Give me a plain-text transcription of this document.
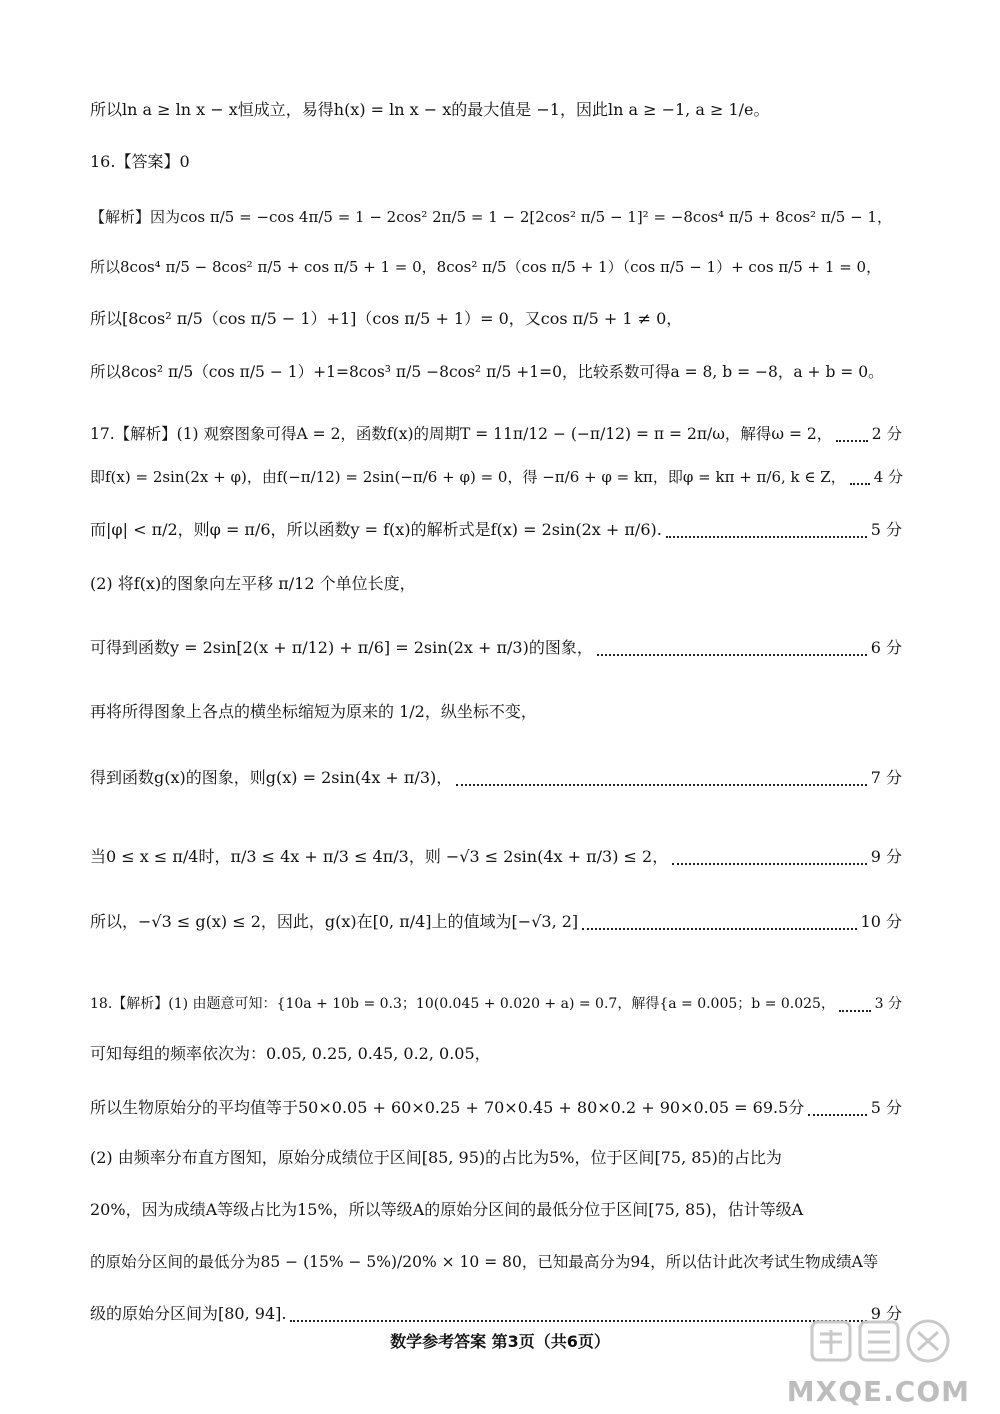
所以ln a ≥ ln x − x恒成立，易得h(x) = ln x − x的最大值是 −1，因此ln a ≥ −1, a ≥ 1/e。
16.【答案】0
【解析】因为cos π/5 = −cos 4π/5 = 1 − 2cos² 2π/5 = 1 − 2[2cos² π/5 − 1]² = −8cos⁴ π/5 + 8cos² π/5 − 1，
所以8cos⁴ π/5 − 8cos² π/5 + cos π/5 + 1 = 0，8cos² π/5（cos π/5 + 1）（cos π/5 − 1）+ cos π/5 + 1 = 0，
所以[8cos² π/5（cos π/5 − 1）+1]（cos π/5 + 1）= 0，又cos π/5 + 1 ≠ 0，
所以8cos² π/5（cos π/5 − 1）+1=8cos³ π/5 −8cos² π/5 +1=0，比较系数可得a = 8, b = −8，a + b = 0。
17.【解析】(1) 观察图象可得A = 2，函数f(x)的周期T = 11π/12 − (−π/12) = π = 2π/ω，解得ω = 2，	2 分
即f(x) = 2sin(2x + φ)，由f(−π/12) = 2sin(−π/6 + φ) = 0，得 −π/6 + φ = kπ，即φ = kπ + π/6, k ∈ Z， 4 分
而|φ| < π/2，则φ = π/6，所以函数y = f(x)的解析式是f(x) = 2sin(2x + π/6).	5 分
(2) 将f(x)的图象向左平移 π/12 个单位长度，
可得到函数y = 2sin[2(x + π/12) + π/6] = 2sin(2x + π/3)的图象，	6 分
再将所得图象上各点的横坐标缩短为原来的 1/2，纵坐标不变，
得到函数g(x)的图象，则g(x) = 2sin(4x + π/3)，	7 分
当0 ≤ x ≤ π/4时，π/3 ≤ 4x + π/3 ≤ 4π/3，则 −√3 ≤ 2sin(4x + π/3) ≤ 2，	9 分
所以，−√3 ≤ g(x) ≤ 2，因此，g(x)在[0, π/4]上的值域为[−√3, 2]	10 分
18.【解析】(1) 由题意可知：{10a + 10b = 0.3；10(0.045 + 0.020 + a) = 0.7，解得{a = 0.005；b = 0.025，	3 分
可知每组的频率依次为：0.05, 0.25, 0.45, 0.2, 0.05，
所以生物原始分的平均值等于50×0.05 + 60×0.25 + 70×0.45 + 80×0.2 + 90×0.05 = 69.5分	5 分
(2) 由频率分布直方图知，原始分成绩位于区间[85, 95)的占比为5%，位于区间[75, 85)的占比为
20%，因为成绩A等级占比为15%，所以等级A的原始分区间的最低分位于区间[75, 85)，估计等级A
的原始分区间的最低分为85 − (15% − 5%)/20% × 10 = 80，已知最高分为94，所以估计此次考试生物成绩A等
级的原始分区间为[80, 94].	9 分
数学参考答案 第3页（共6页）
MXQE.COM
